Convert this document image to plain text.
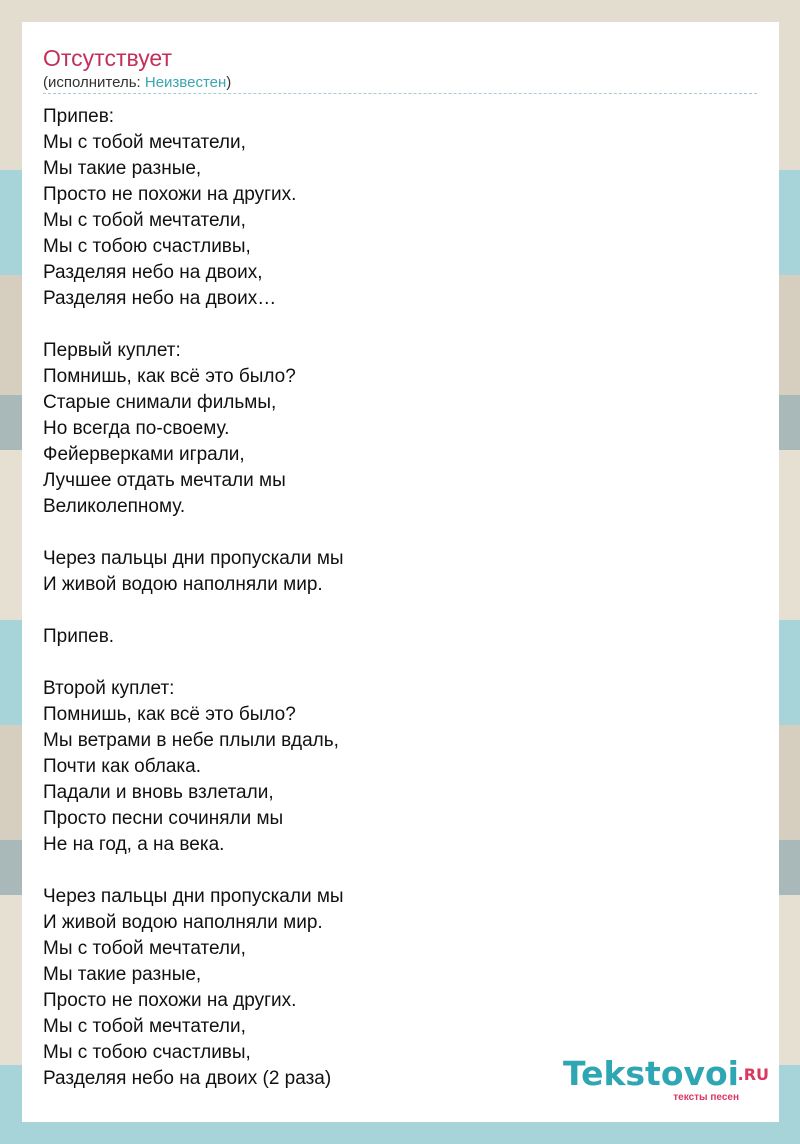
Отсутствует
(исполнитель: Неизвестен)
Припев:
Мы с тобой мечтатели,
Мы такие разные,
Просто не похожи на других.
Мы с тобой мечтатели,
Мы с тобою счастливы,
Разделяя небо на двоих,
Разделяя небо на двоих…
Первый куплет:
Помнишь, как всё это было?
Старые снимали фильмы,
Но всегда по-своему.
Фейерверками играли,
Лучшее отдать мечтали мы
Великолепному.
Через пальцы дни пропускали мы
И живой водою наполняли мир.
Припев.
Второй куплет:
Помнишь, как всё это было?
Мы ветрами в небе плыли вдаль,
Почти как облака.
Падали и вновь взлетали,
Просто песни сочиняли мы
Не на год, а на века.
Через пальцы дни пропускали мы
И живой водою наполняли мир.
Мы с тобой мечтатели,
Мы такие разные,
Просто не похожи на других.
Мы с тобой мечтатели,
Мы с тобою счастливы,
Разделяя небо на двоих (2 раза)	Tekstovoi
.RU
тексты песен
